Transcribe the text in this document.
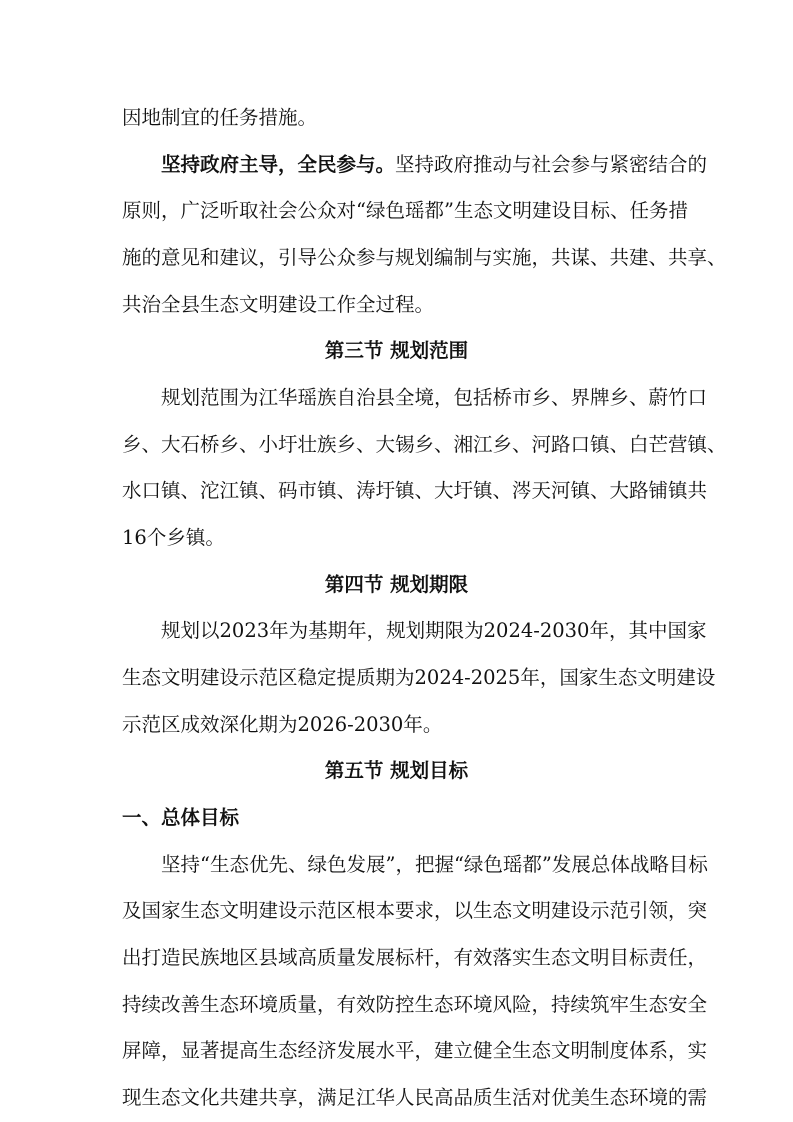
因地制宜的任务措施。
坚持政府主导，全民参与。坚持政府推动与社会参与紧密结合的
原则，广泛听取社会公众对“绿色瑶都”生态文明建设目标、任务措
施的意见和建议，引导公众参与规划编制与实施，共谋、共建、共享、
共治全县生态文明建设工作全过程。
第三节 规划范围
规划范围为江华瑶族自治县全境，包括桥市乡、界牌乡、蔚竹口
乡、大石桥乡、小圩壮族乡、大锡乡、湘江乡、河路口镇、白芒营镇、
水口镇、沱江镇、码市镇、涛圩镇、大圩镇、涔天河镇、大路铺镇共
16个乡镇。
第四节 规划期限
规划以2023年为基期年，规划期限为2024-2030年，其中国家
生态文明建设示范区稳定提质期为2024-2025年，国家生态文明建设
示范区成效深化期为2026-2030年。
第五节 规划目标
一、总体目标
坚持“生态优先、绿色发展”，把握“绿色瑶都”发展总体战略目标
及国家生态文明建设示范区根本要求，以生态文明建设示范引领，突
出打造民族地区县域高质量发展标杆，有效落实生态文明目标责任，
持续改善生态环境质量，有效防控生态环境风险，持续筑牢生态安全
屏障，显著提高生态经济发展水平，建立健全生态文明制度体系，实
现生态文化共建共享，满足江华人民高品质生活对优美生态环境的需
